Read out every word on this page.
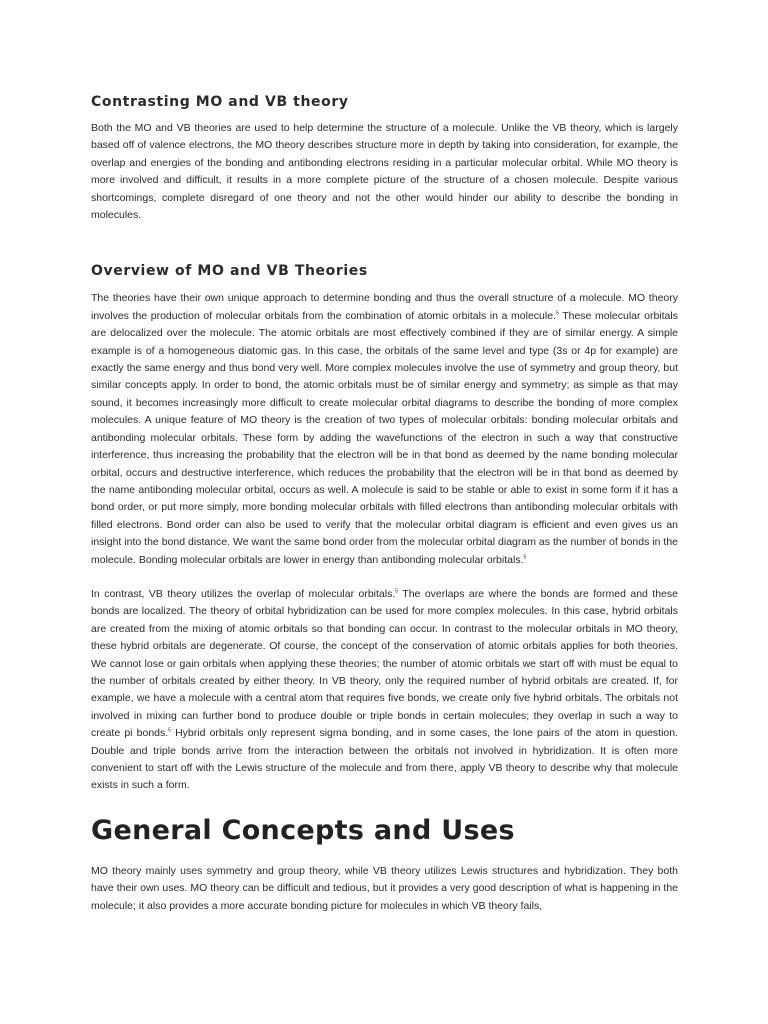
Contrasting MO and VB theory

Both the MO and VB theories are used to help determine the structure of a molecule. Unlike the VB theory, which is largely based off of valence electrons, the MO theory describes structure more in depth by taking into consideration, for example, the overlap and energies of the bonding and antibonding electrons residing in a particular molecular orbital. While MO theory is more involved and difficult, it results in a more complete picture of the structure of a chosen molecule. Despite various shortcomings, complete disregard of one theory and not the other would hinder our ability to describe the bonding in molecules.

Overview of MO and VB Theories

The theories have their own unique approach to determine bonding and thus the overall structure of a molecule. MO theory involves the production of molecular orbitals from the combination of atomic orbitals in a molecule.$^5$ These molecular orbitals are delocalized over the molecule. The atomic orbitals are most effectively combined if they are of similar energy. A simple example is of a homogeneous diatomic gas. In this case, the orbitals of the same level and type (3s or 4p for example) are exactly the same energy and thus bond very well. More complex molecules involve the use of symmetry and group theory, but similar concepts apply. In order to bond, the atomic orbitals must be of similar energy and symmetry; as simple as that may sound, it becomes increasingly more difficult to create molecular orbital diagrams to describe the bonding of more complex molecules. A unique feature of MO theory is the creation of two types of molecular orbitals: bonding molecular orbitals and antibonding molecular orbitals. These form by adding the wavefunctions of the electron in such a way that constructive interference, thus increasing the probability that the electron will be in that bond as deemed by the name bonding molecular orbital, occurs and destructive interference, which reduces the probability that the electron will be in that bond as deemed by the name antibonding molecular orbital, occurs as well. A molecule is said to be stable or able to exist in some form if it has a bond order, or put more simply, more bonding molecular orbitals with filled electrons than antibonding molecular orbitals with filled electrons. Bond order can also be used to verify that the molecular orbital diagram is efficient and even gives us an insight into the bond distance. We want the same bond order from the molecular orbital diagram as the number of bonds in the molecule. Bonding molecular orbitals are lower in energy than antibonding molecular orbitals.$^5$

In contrast, VB theory utilizes the overlap of molecular orbitals.$^5$ The overlaps are where the bonds are formed and these bonds are localized. The theory of orbital hybridization can be used for more complex molecules. In this case, hybrid orbitals are created from the mixing of atomic orbitals so that bonding can occur. In contrast to the molecular orbitals in MO theory, these hybrid orbitals are degenerate. Of course, the concept of the conservation of atomic orbitals applies for both theories. We cannot lose or gain orbitals when applying these theories; the number of atomic orbitals we start off with must be equal to the number of orbitals created by either theory. In VB theory, only the required number of hybrid orbitals are created. If, for example, we have a molecule with a central atom that requires five bonds, we create only five hybrid orbitals. The orbitals not involved in mixing can further bond to produce double or triple bonds in certain molecules; they overlap in such a way to create pi bonds.$^5$ Hybrid orbitals only represent sigma bonding, and in some cases, the lone pairs of the atom in question. Double and triple bonds arrive from the interaction between the orbitals not involved in hybridization. It is often more convenient to start off with the Lewis structure of the molecule and from there, apply VB theory to describe why that molecule exists in such a form.

General Concepts and Uses

MO theory mainly uses symmetry and group theory, while VB theory utilizes Lewis structures and hybridization. They both have their own uses. MO theory can be difficult and tedious, but it provides a very good description of what is happening in the molecule; it also provides a more accurate bonding picture for molecules in which VB theory fails,
